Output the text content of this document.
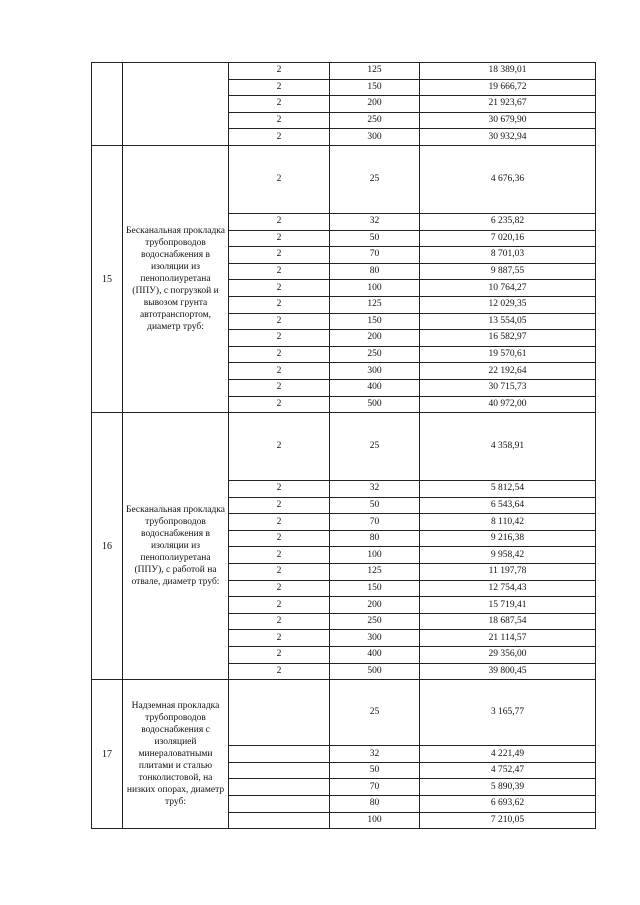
		2	125	18 389,01
		2	150	19 666,72
		2	200	21 923,67
		2	250	30 679,90
		2	300	30 932,94
15	Бесканальная прокладка трубопроводов водоснабжения в изоляции из пенополиуретана (ППУ), с погрузкой и вывозом грунта автотранспортом, диаметр труб:	2	25	4 676,36
		2	32	6 235,82
		2	50	7 020,16
		2	70	8 701,03
		2	80	9 887,55
		2	100	10 764,27
		2	125	12 029,35
		2	150	13 554,05
		2	200	16 582,97
		2	250	19 570,61
		2	300	22 192,64
		2	400	30 715,73
		2	500	40 972,00
16	Бесканальная прокладка трубопроводов водоснабжения в изоляции из пенополиуретана (ППУ), с работой на отвале, диаметр труб:	2	25	4 358,91
		2	32	5 812,54
		2	50	6 543,64
		2	70	8 110,42
		2	80	9 216,38
		2	100	9 958,42
		2	125	11 197,78
		2	150	12 754,43
		2	200	15 719,41
		2	250	18 687,54
		2	300	21 114,57
		2	400	29 356,00
		2	500	39 800,45
17	Надземная прокладка трубопроводов водоснабжения с изоляцией минераловатными плитами и сталью тонколистовой, на низких опорах, диаметр труб:		25	3 165,77
			32	4 221,49
			50	4 752,47
			70	5 890,39
			80	6 693,62
			100	7 210,05
